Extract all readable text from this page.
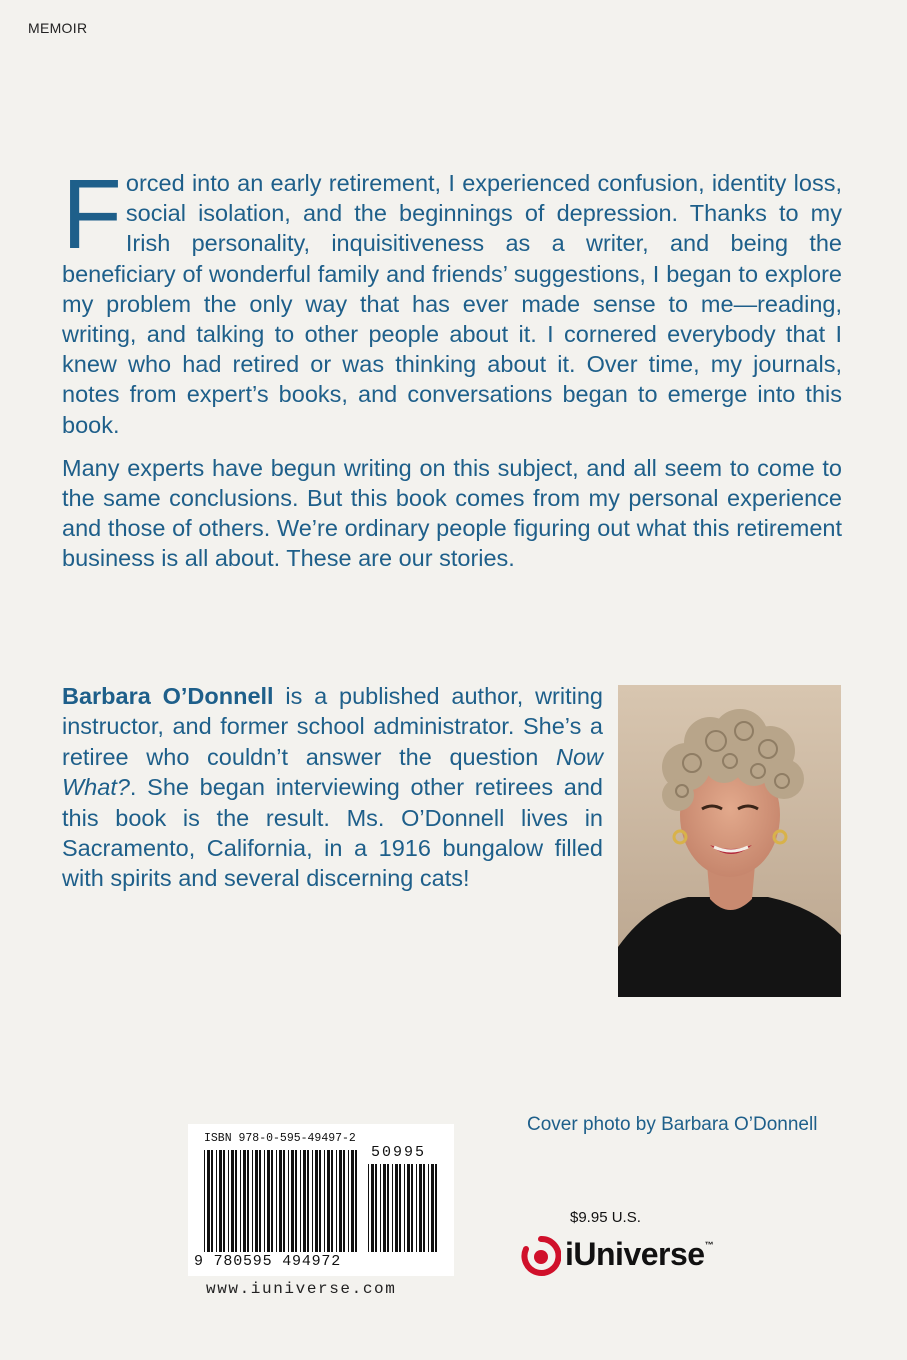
MEMOIR

Forced into an early retirement, I experienced confusion, identity loss, social isolation, and the beginnings of depression. Thanks to my Irish personality, inquisitiveness as a writer, and being the beneficiary of wonderful family and friends’ suggestions, I began to explore my problem the only way that has ever made sense to me—reading, writing, and talking to other people about it. I cornered everybody that I knew who had retired or was thinking about it. Over time, my journals, notes from expert’s books, and conversations began to emerge into this book.

Many experts have begun writing on this subject, and all seem to come to the same conclusions. But this book comes from my personal experience and those of others. We’re ordinary people figuring out what this retirement business is all about. These are our stories.

Barbara O’Donnell is a published author, writing instructor, and former school administrator. She’s a retiree who couldn’t answer the question Now What?. She began interviewing other retirees and this book is the result. Ms. O’Donnell lives in Sacramento, California, in a 1916 bungalow filled with spirits and several discerning cats!
Cover photo by Barbara O’Donnell
ISBN 978-0-595-49497-2
50995
9 780595 494972
www.iuniverse.com
$9.95 U.S.
iUniverse ™
